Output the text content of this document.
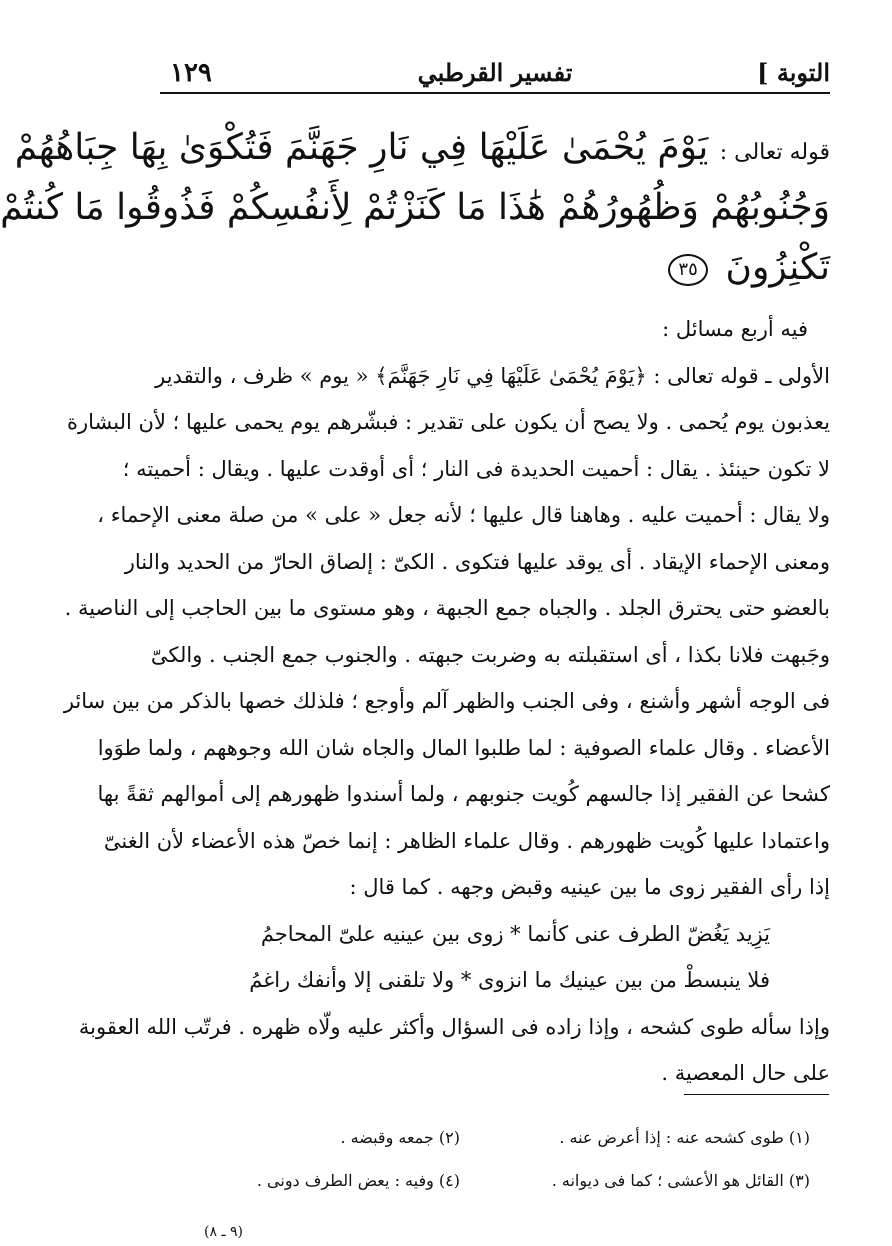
١٢٩	تفسير القرطبي	التوبة ]
قوله تعالى : يَوْمَ يُحْمَىٰ عَلَيْهَا فِي نَارِ جَهَنَّمَ فَتُكْوَىٰ بِهَا جِبَاهُهُمْ
وَجُنُوبُهُمْ وَظُهُورُهُمْ هَٰذَا مَا كَنَزْتُمْ لِأَنفُسِكُمْ فَذُوقُوا مَا كُنتُمْ
تَكْنِزُونَ ٣٥
فيه أربع مسائل :
الأولى ـ قوله تعالى : ﴿يَوْمَ يُحْمَىٰ عَلَيْهَا فِي نَارِ جَهَنَّمَ﴾ « يوم » ظرف ، والتقدير
يعذبون يوم يُحمى . ولا يصح أن يكون على تقدير : فبشّرهم يوم يحمى عليها ؛ لأن البشارة
لا تكون حينئذ . يقال : أحميت الحديدة فى النار ؛ أى أوقدت عليها . ويقال : أحميته ؛
ولا يقال : أحميت عليه . وهاهنا قال عليها ؛ لأنه جعل « على » من صلة معنى الإحماء ،
ومعنى الإحماء الإيقاد . أى يوقد عليها فتكوى . الكىّ : إلصاق الحارّ من الحديد والنار
بالعضو حتى يحترق الجلد . والجباه جمع الجبهة ، وهو مستوى ما بين الحاجب إلى الناصية .
وجَبهت فلانا بكذا ، أى استقبلته به وضربت جبهته . والجنوب جمع الجنب . والكىّ
فى الوجه أشهر وأشنع ، وفى الجنب والظهر آلم وأوجع ؛ فلذلك خصها بالذكر من بين سائر
الأعضاء . وقال علماء الصوفية : لما طلبوا المال والجاه شان الله وجوههم ، ولما طوَوا
كشحا عن الفقير إذا جالسهم كُويت جنوبهم ، ولما أسندوا ظهورهم إلى أموالهم ثقةً بها
واعتمادا عليها كُويت ظهورهم . وقال علماء الظاهر : إنما خصّ هذه الأعضاء لأن الغنىّ
إذا رأى الفقير زوى ما بين عينيه وقبض وجهه . كما قال :
يَزِيد يَغُضّ الطرف عنى كأنما * زوى بين عينيه علىّ المحاجمُ
فلا ينبسطْ من بين عينيك ما انزوى * ولا تلقنى إلا وأنفك راغمُ
وإذا سأله طوى كشحه ، وإذا زاده فى السؤال وأكثر عليه ولّاه ظهره . فرتّب الله العقوبة
على حال المعصية .
(١) طوى كشحه عنه : إذا أعرض عنه .
(٢) جمعه وقبضه .
(٣) القائل هو الأعشى ؛ كما فى ديوانه .
(٤) وفيه : يعض الطرف دونى .
(٩ ـ ٨)
